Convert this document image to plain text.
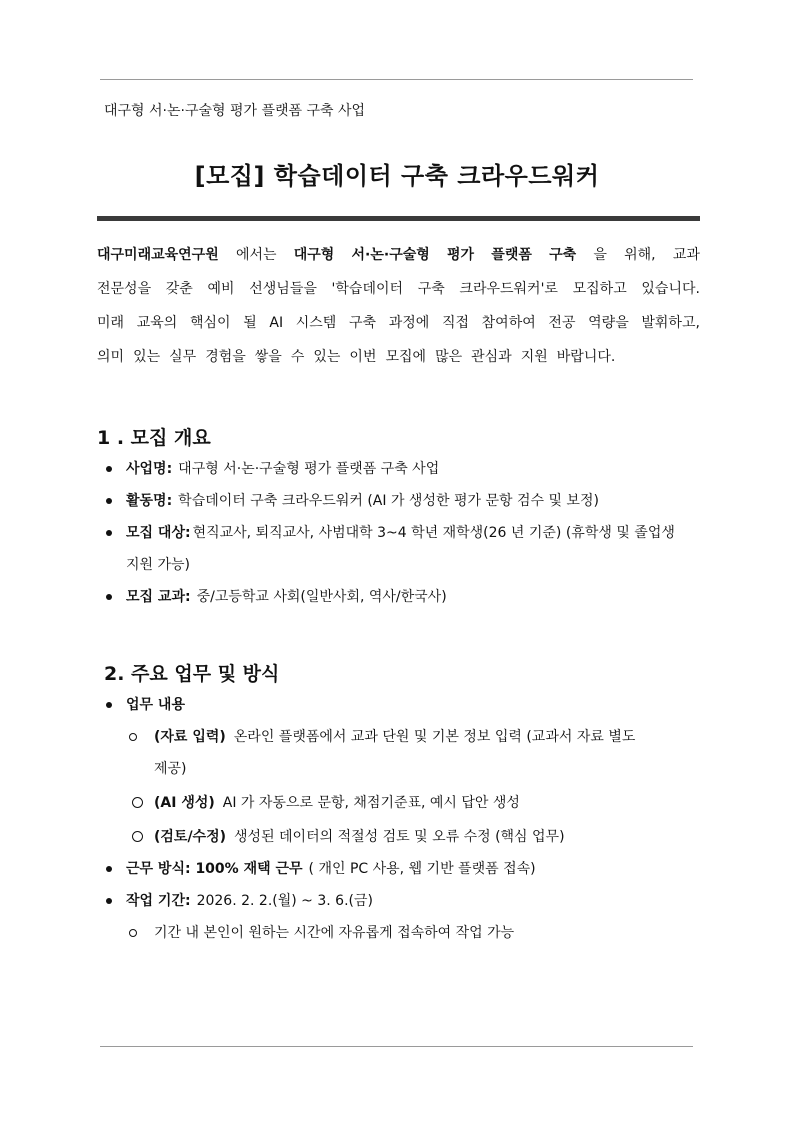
대구형 서·논·구술형 평가 플랫폼 구축 사업
[모집] 학습데이터 구축 크라우드워커
대구미래교육연구원 에서는 대구형 서·논·구술형 평가 플랫폼 구축 을 위해, 교과
전문성을 갖춘 예비 선생님들을 '학습데이터 구축 크라우드워커'로 모집하고 있습니다.
미래 교육의 핵심이 될 AI 시스템 구축 과정에 직접 참여하여 전공 역량을 발휘하고,
의미 있는 실무 경험을 쌓을 수 있는 이번 모집에 많은 관심과 지원 바랍니다.
1 . 모집 개요
사업명: 대구형 서·논·구술형 평가 플랫폼 구축 사업
활동명: 학습데이터 구축 크라우드워커 (AI 가 생성한 평가 문항 검수 및 보정)
모집 대상: 현직교사, 퇴직교사, 사범대학 3~4 학년 재학생(26 년 기준) (휴학생 및 졸업생
지원 가능)
모집 교과: 중/고등학교 사회(일반사회, 역사/한국사)
2. 주요 업무 및 방식
업무 내용
(자료 입력) 온라인 플랫폼에서 교과 단원 및 기본 정보 입력 (교과서 자료 별도
제공)
(AI 생성) AI 가 자동으로 문항, 채점기준표, 예시 답안 생성
(검토/수정) 생성된 데이터의 적절성 검토 및 오류 수정 (핵심 업무)
근무 방식: 100% 재택 근무 ( 개인 PC 사용, 웹 기반 플랫폼 접속)
작업 기간: 2026. 2. 2.(월) ~ 3. 6.(금)
기간 내 본인이 원하는 시간에 자유롭게 접속하여 작업 가능
